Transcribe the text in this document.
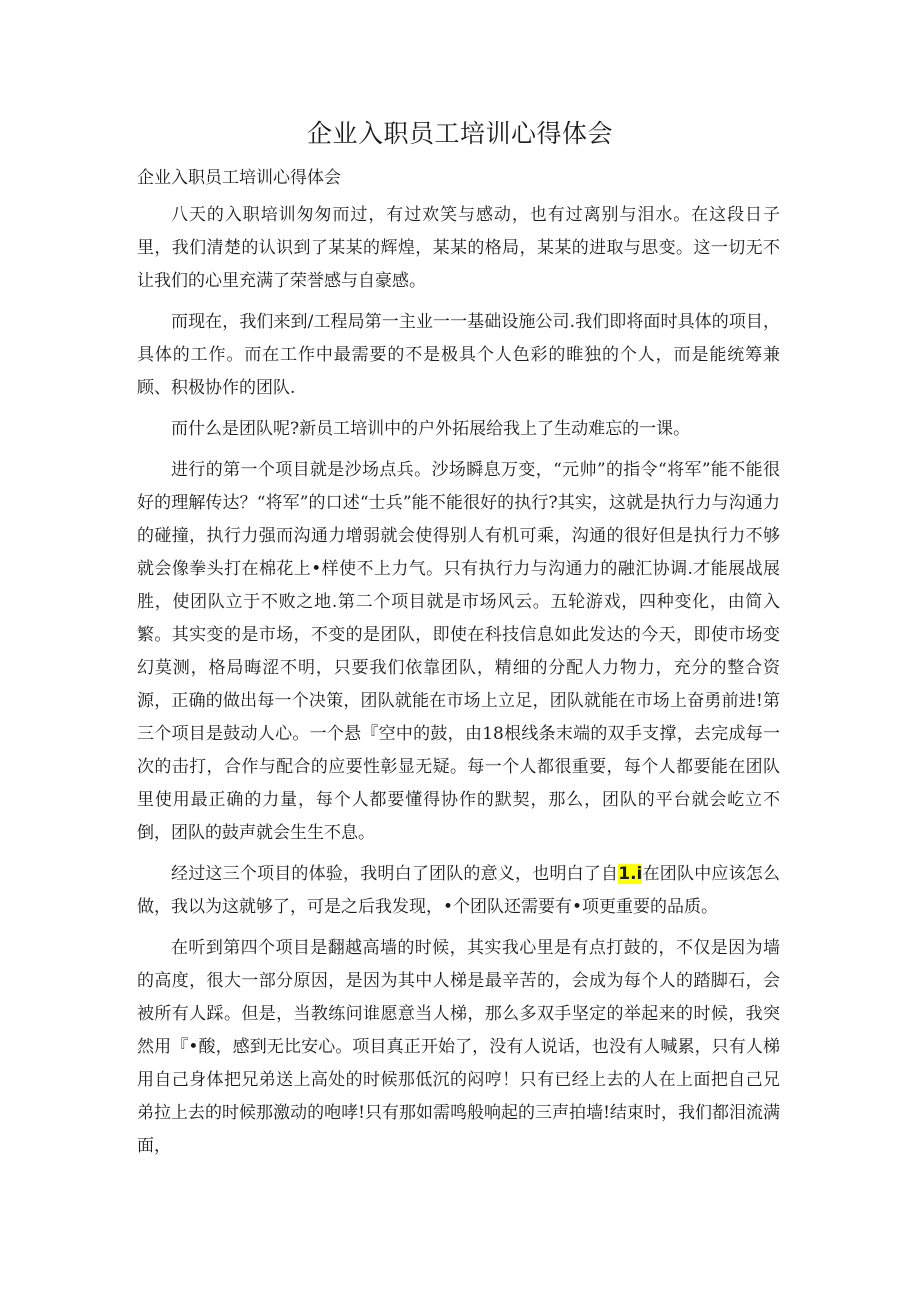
企业入职员工培训心得体会

企业入职员工培训心得体会

八天的入职培训匆匆而过，有过欢笑与感动，也有过离别与泪水。在这段日子里，我们清楚的认识到了某某的辉煌，某某的格局，某某的进取与思变。这一切无不让我们的心里充满了荣誉感与自豪感。

而现在，我们来到/工程局第一主业一一基础设施公司.我们即将面时具体的项目，具体的工作。而在工作中最需要的不是极具个人色彩的睢独的个人，而是能统筹兼顾、积极协作的团队.

而什么是团队呢?新员工培训中的户外拓展给我上了生动难忘的一课。

进行的第一个项目就是沙场点兵。沙场瞬息万变，“元帅”的指令“将军”能不能很好的理解传达？“将军”的口述“士兵”能不能很好的执行?其实，这就是执行力与沟通力的碰撞，执行力强而沟通力增弱就会使得别人有机可乘，沟通的很好但是执行力不够就会像拳头打在棉花上•样使不上力气。只有执行力与沟通力的融汇协调.才能展战展胜，使团队立于不败之地.第二个项目就是市场风云。五轮游戏，四种变化，由简入繁。其实变的是市场，不变的是团队，即使在科技信息如此发达的今天，即使市场变幻莫测，格局晦涩不明，只要我们依靠团队，精细的分配人力物力，充分的整合资源，正确的做出每一个决策，团队就能在市场上立足，团队就能在市场上奋勇前进!第三个项目是鼓动人心。一个悬『空中的鼓，由18根线条末端的双手支撑，去完成每一次的击打，合作与配合的应要性彰显无疑。每一个人都很重要，每个人都要能在团队里使用最正确的力量，每个人都要懂得协作的默契，那么，团队的平台就会屹立不倒，团队的鼓声就会生生不息。

经过这三个项目的体验，我明白了团队的意义，也明白了自1.i在团队中应该怎么做，我以为这就够了，可是之后我发现，•个团队还需要有•项更重要的品质。

在听到第四个项目是翻越高墙的时候，其实我心里是有点打鼓的，不仅是因为墙的高度，很大一部分原因，是因为其中人梯是最辛苦的，会成为每个人的踏脚石，会被所有人踩。但是，当教练问谁愿意当人梯，那么多双手坚定的举起来的时候，我突然用『•酸，感到无比安心。项目真正开始了，没有人说话，也没有人喊累，只有人梯用自己身体把兄弟送上高处的时候那低沉的闷哼！只有已经上去的人在上面把自己兄弟拉上去的时候那激动的咆哮!只有那如需鸣般响起的三声拍墙!结束时，我们都泪流满面，
